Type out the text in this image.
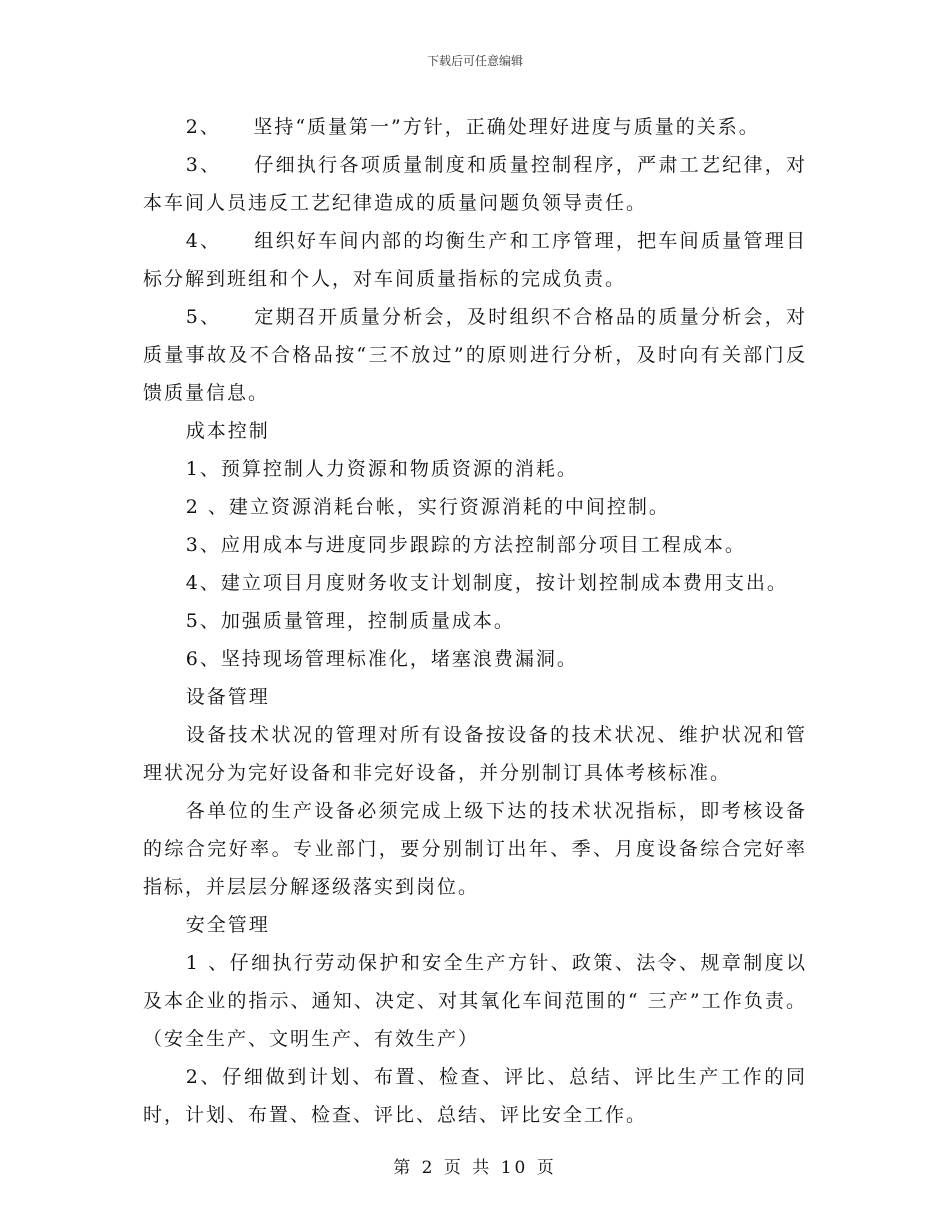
下载后可任意编辑

2、　　坚持“质量第一”方针，正确处理好进度与质量的关系。

3、　　仔细执行各项质量制度和质量控制程序，严肃工艺纪律，对本车间人员违反工艺纪律造成的质量问题负领导责任。

4、　　组织好车间内部的均衡生产和工序管理，把车间质量管理目标分解到班组和个人，对车间质量指标的完成负责。

5、　　定期召开质量分析会，及时组织不合格品的质量分析会，对质量事故及不合格品按“三不放过”的原则进行分析，及时向有关部门反馈质量信息。

成本控制

1、预算控制人力资源和物质资源的消耗。

2 、建立资源消耗台帐，实行资源消耗的中间控制。

3、应用成本与进度同步跟踪的方法控制部分项目工程成本。

4、建立项目月度财务收支计划制度，按计划控制成本费用支出。

5、加强质量管理，控制质量成本。

6、坚持现场管理标准化，堵塞浪费漏洞。

设备管理

设备技术状况的管理对所有设备按设备的技术状况、维护状况和管理状况分为完好设备和非完好设备，并分别制订具体考核标准。

各单位的生产设备必须完成上级下达的技术状况指标，即考核设备的综合完好率。专业部门，要分别制订出年、季、月度设备综合完好率指标，并层层分解逐级落实到岗位。

安全管理

1 、仔细执行劳动保护和安全生产方针、政策、法令、规章制度以及本企业的指示、通知、决定、对其氧化车间范围的“ 三产”工作负责。（安全生产、文明生产、有效生产）

2、仔细做到计划、布置、检查、评比、总结、评比生产工作的同时，计划、布置、检查、评比、总结、评比安全工作。

第 2 页 共 10 页
